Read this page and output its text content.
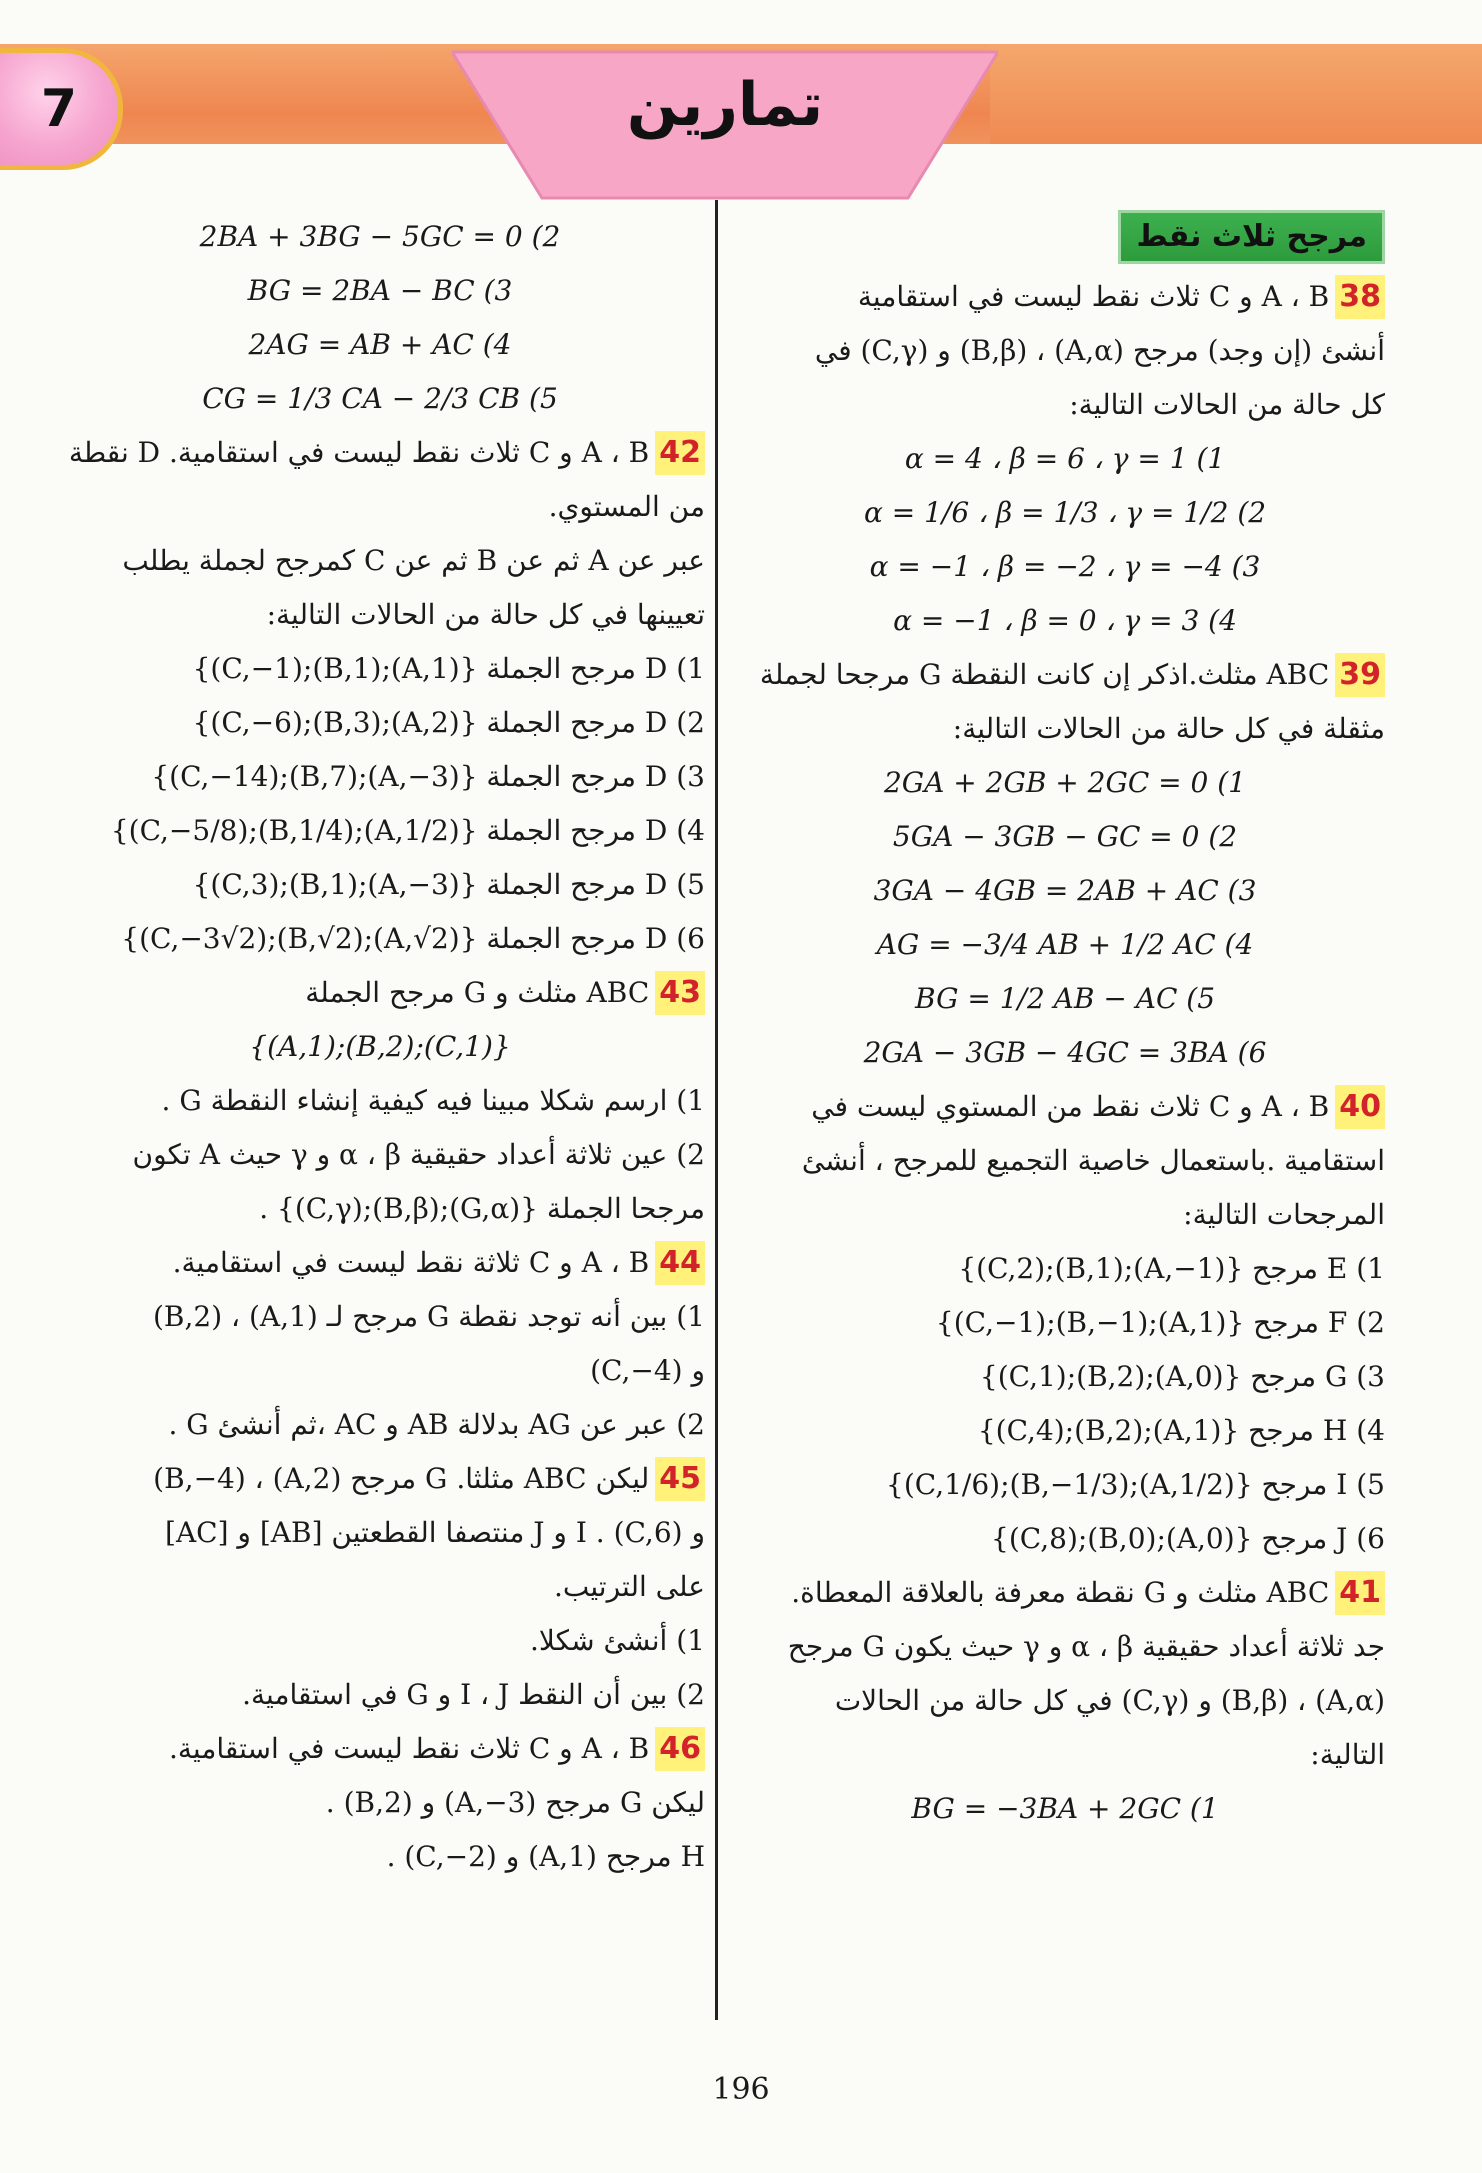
تمارين
7
مرجح ثلاث نقط
38A ، B و C ثلاث نقط ليست في استقامية
أنشئ (إن وجد) مرجح (A,α) ، (B,β) و (C,γ) في
كل حالة من الحالات التالية:
α = 4 ، β = 6 ، γ = 1 (1
α = 1/6 ، β = 1/3 ، γ = 1/2 (2
α = −1 ، β = −2 ، γ = −4 (3
α = −1 ، β = 0 ، γ = 3 (4
39ABC مثلث.اذكر إن كانت النقطة G مرجحا لجملة
مثقلة في كل حالة من الحالات التالية:
2GA + 2GB + 2GC = 0 (1
5GA − 3GB − GC = 0 (2
3GA − 4GB = 2AB + AC (3
AG = −3/4 AB + 1/2 AC (4
BG = 1/2 AB − AC (5
2GA − 3GB − 4GC = 3BA (6
40A ، B و C ثلاث نقط من المستوي ليست في
استقامية .باستعمال خاصية التجميع للمرجح ، أنشئ
المرجحات التالية:
1) E مرجح {(A,−1);(B,1);(C,2)}
2) F مرجح {(A,1);(B,−1);(C,−1)}
3) G مرجح {(A,0);(B,2);(C,1)}
4) H مرجح {(A,1);(B,2);(C,4)}
5) I مرجح {(A,1/2);(B,−1/3);(C,1/6)}
6) J مرجح {(A,0);(B,0);(C,8)}
41ABC مثلث و G نقطة معرفة بالعلاقة المعطاة.
جد ثلاثة أعداد حقيقية α ، β و γ حيث يكون G مرجح
(A,α) ، (B,β) و (C,γ) في كل حالة من الحالات
التالية:
BG = −3BA + 2GC (1
2BA + 3BG − 5GC = 0 (2
BG = 2BA − BC (3
2AG = AB + AC (4
CG = 1/3 CA − 2/3 CB (5
42A ، B و C ثلاث نقط ليست في استقامية. D نقطة
من المستوي.
عبر عن A ثم عن B ثم عن C كمرجح لجملة يطلب
تعيينها في كل حالة من الحالات التالية:
1) D مرجح الجملة {(A,1);(B,1);(C,−1)}
2) D مرجح الجملة {(A,2);(B,3);(C,−6)}
3) D مرجح الجملة {(A,−3);(B,7);(C,−14)}
4) D مرجح الجملة {(A,1/2);(B,1/4);(C,−5/8)}
5) D مرجح الجملة {(A,−3);(B,1);(C,3)}
6) D مرجح الجملة {(A,√2);(B,√2);(C,−3√2)}
43ABC مثلث و G مرجح الجملة
{(A,1);(B,2);(C,1)}
1) ارسم شكلا مبينا فيه كيفية إنشاء النقطة G .
2) عين ثلاثة أعداد حقيقية α ، β و γ حيث A تكون
مرجحا الجملة {(G,α);(B,β);(C,γ)} .
44A ، B و C ثلاثة نقط ليست في استقامية.
1) بين أنه توجد نقطة G مرجح لـ (A,1) ، (B,2)
و (C,−4)
2) عبر عن AG بدلالة AB و AC ،ثم أنشئ G .
45ليكن ABC مثلثا. G مرجح (A,2) ، (B,−4)
و (C,6) . I و J منتصفا القطعتين [AB] و [AC]
على الترتيب.
1) أنشئ شكلا.
2) بين أن النقط I ، J و G في استقامية.
46A ، B و C ثلاث نقط ليست في استقامية.
ليكن G مرجح (A,−3) و (B,2) .
H مرجح (A,1) و (C,−2) .
196
